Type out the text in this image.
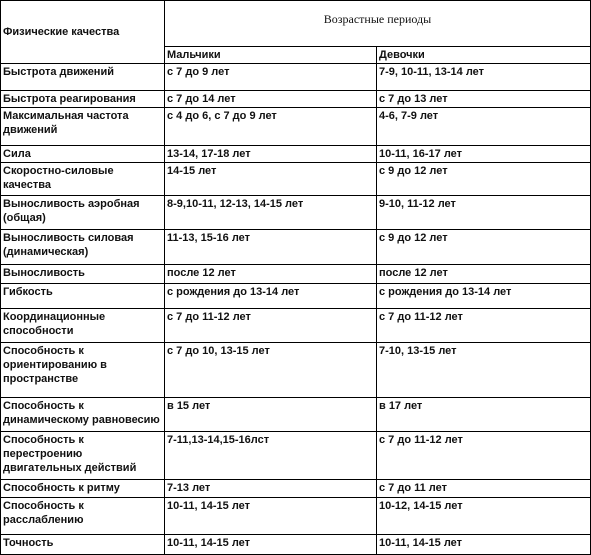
Физические качества	Возрастные периоды	
	Мальчики	Девочки
Быстрота движений	с 7 до 9 лет	7-9, 10-11, 13-14 лет
Быстрота реагирования	с 7 до 14 лет	с 7 до 13 лет
Максимальная частота движений	с 4 до 6, с 7 до 9 лет	4-6, 7-9 лет
Сила	13-14, 17-18 лет	10-11, 16-17 лет
Скоростно-силовые качества	14-15 лет	с 9 до 12 лет
Выносливость аэробная (общая)	8-9,10-11, 12-13, 14-15 лет	9-10, 11-12 лет
Выносливость силовая (динамическая)	11-13, 15-16 лет	с 9 до 12 лет
Выносливость	после 12 лет	после 12 лет
Гибкость	с рождения до 13-14 лет	с рождения до 13-14 лет
Координационные способности	с 7 до 11-12 лет	с 7 до 11-12 лет
Способность к ориентированию в пространстве	с 7 до 10, 13-15 лет	7-10, 13-15 лет
Способность к динамическому равновесию	в 15 лет	в 17 лет
Способность к перестроению двигательных действий	7-11,13-14,15-16лст	с 7 до 11-12 лет
Способность к ритму	7-13 лет	с 7 до 11 лет
Способность к расслаблению	10-11, 14-15 лет	10-12, 14-15 лет
Точность	10-11, 14-15 лет	10-11, 14-15 лет
